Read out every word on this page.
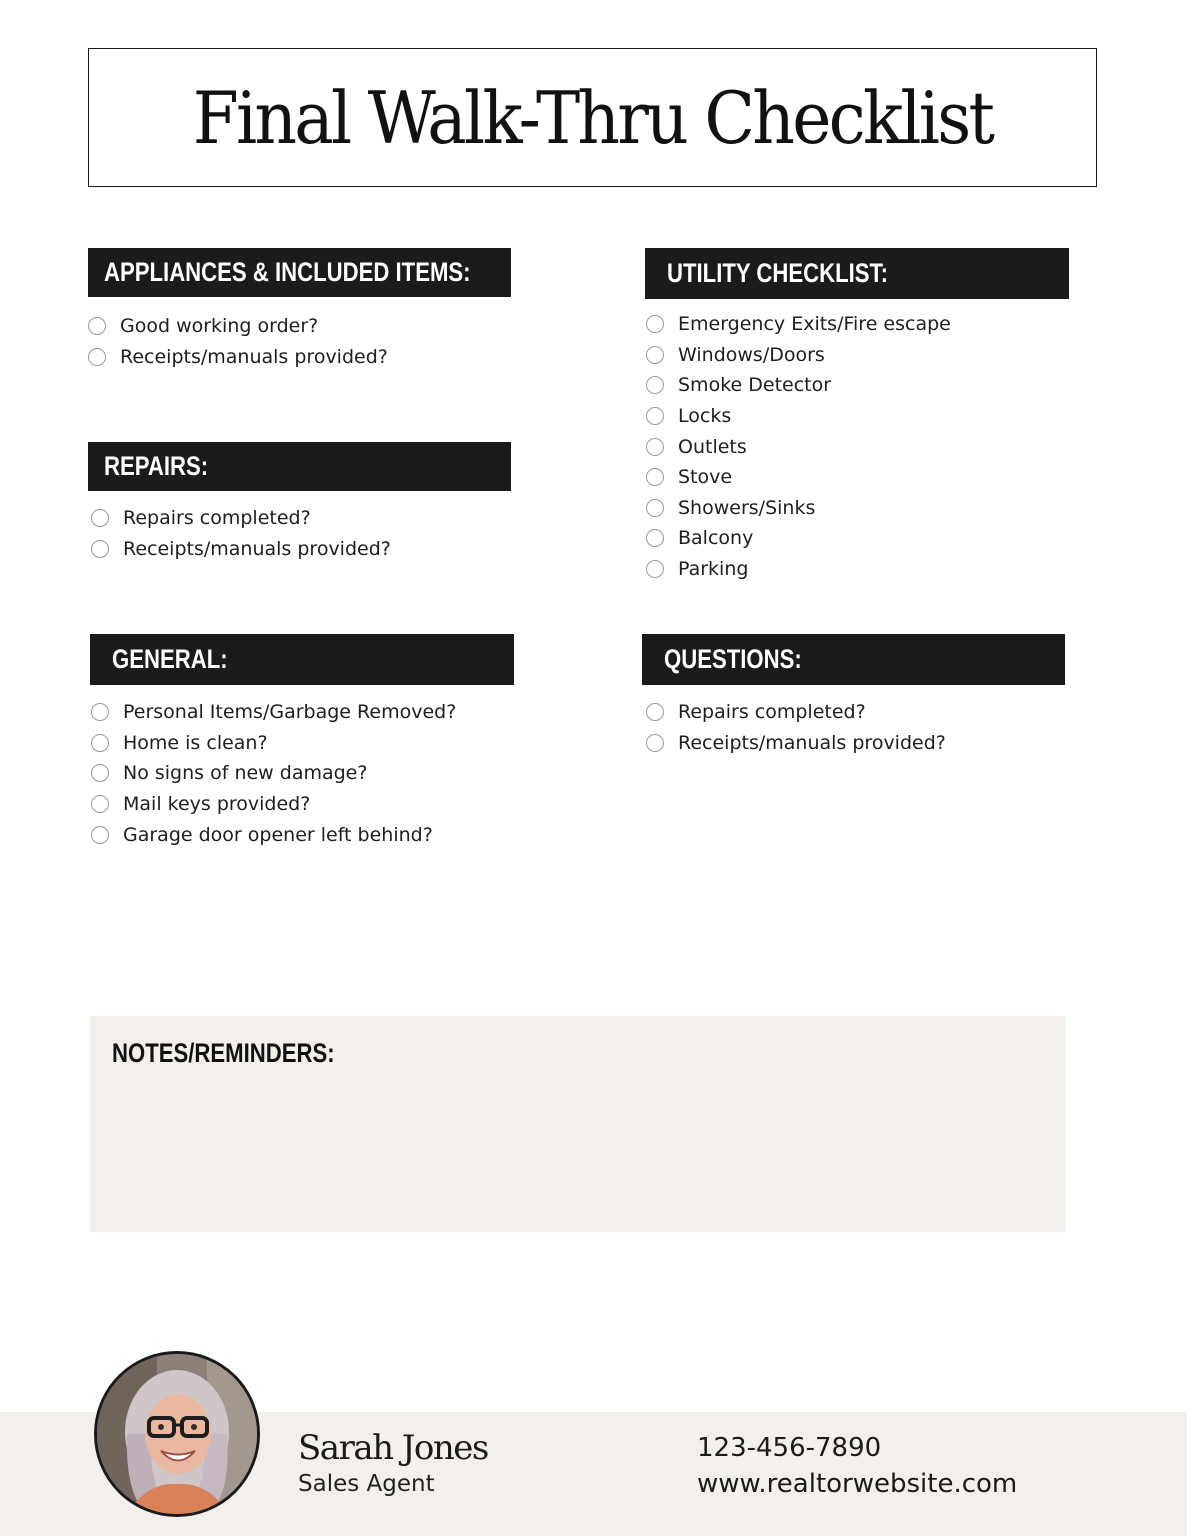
Final Walk-Thru Checklist
APPLIANCES & INCLUDED ITEMS:
Good working order?
Receipts/manuals provided?
REPAIRS:
Repairs completed?
Receipts/manuals provided?
GENERAL:
Personal Items/Garbage Removed?
Home is clean?
No signs of new damage?
Mail keys provided?
Garage door opener left behind?
UTILITY CHECKLIST:
Emergency Exits/Fire escape
Windows/Doors
Smoke Detector
Locks
Outlets
Stove
Showers/Sinks
Balcony
Parking
QUESTIONS:
Repairs completed?
Receipts/manuals provided?
NOTES/REMINDERS:
Sarah Jones
Sales Agent
123-456-7890
www.realtorwebsite.com
